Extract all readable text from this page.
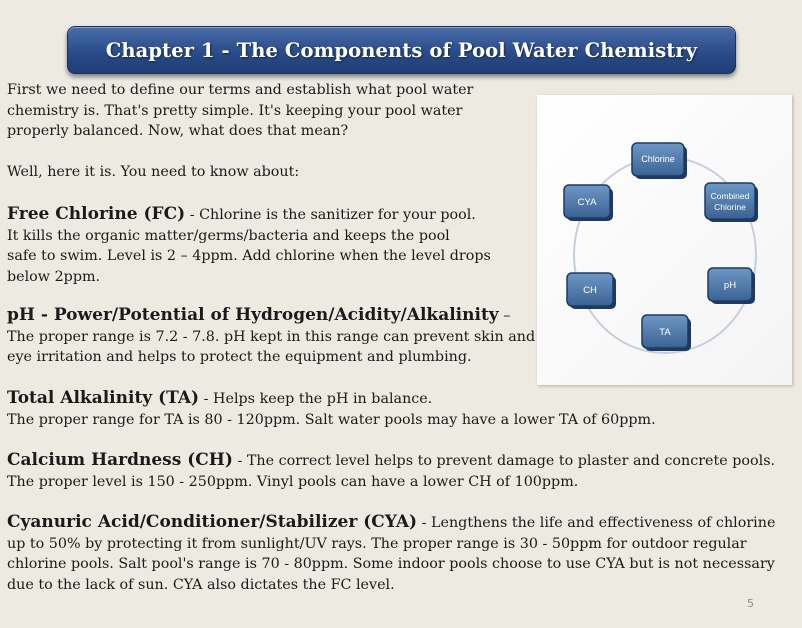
Chapter 1 - The Components of Pool Water Chemistry

First we need to define our terms and establish what pool water

chemistry is. That's pretty simple. It's keeping your pool water

properly balanced. Now, what does that mean?

Well, here it is. You need to know about:

Free Chlorine (FC) - Chlorine is the sanitizer for your pool.

It kills the organic matter/germs/bacteria and keeps the pool

safe to swim. Level is 2 – 4ppm. Add chlorine when the level drops

below 2ppm.

pH - Power/Potential of Hydrogen/Acidity/Alkalinity –

The proper range is 7.2 - 7.8. pH kept in this range can prevent skin and

eye irritation and helps to protect the equipment and plumbing.

Total Alkalinity (TA) - Helps keep the pH in balance.

The proper range for TA is 80 - 120ppm. Salt water pools may have a lower TA of 60ppm.

Calcium Hardness (CH) - The correct level helps to prevent damage to plaster and concrete pools.

The proper level is 150 - 250ppm. Vinyl pools can have a lower CH of 100ppm.

Cyanuric Acid/Conditioner/Stabilizer (CYA) - Lengthens the life and effectiveness of chlorine

up to 50% by protecting it from sunlight/UV rays. The proper range is 30 - 50ppm for outdoor regular

chlorine pools. Salt pool's range is 70 - 80ppm. Some indoor pools choose to use CYA but is not necessary

due to the lack of sun. CYA also dictates the FC level.

Chlorine
Combined
Chlorine
pH
TA
CH
CYA
5
